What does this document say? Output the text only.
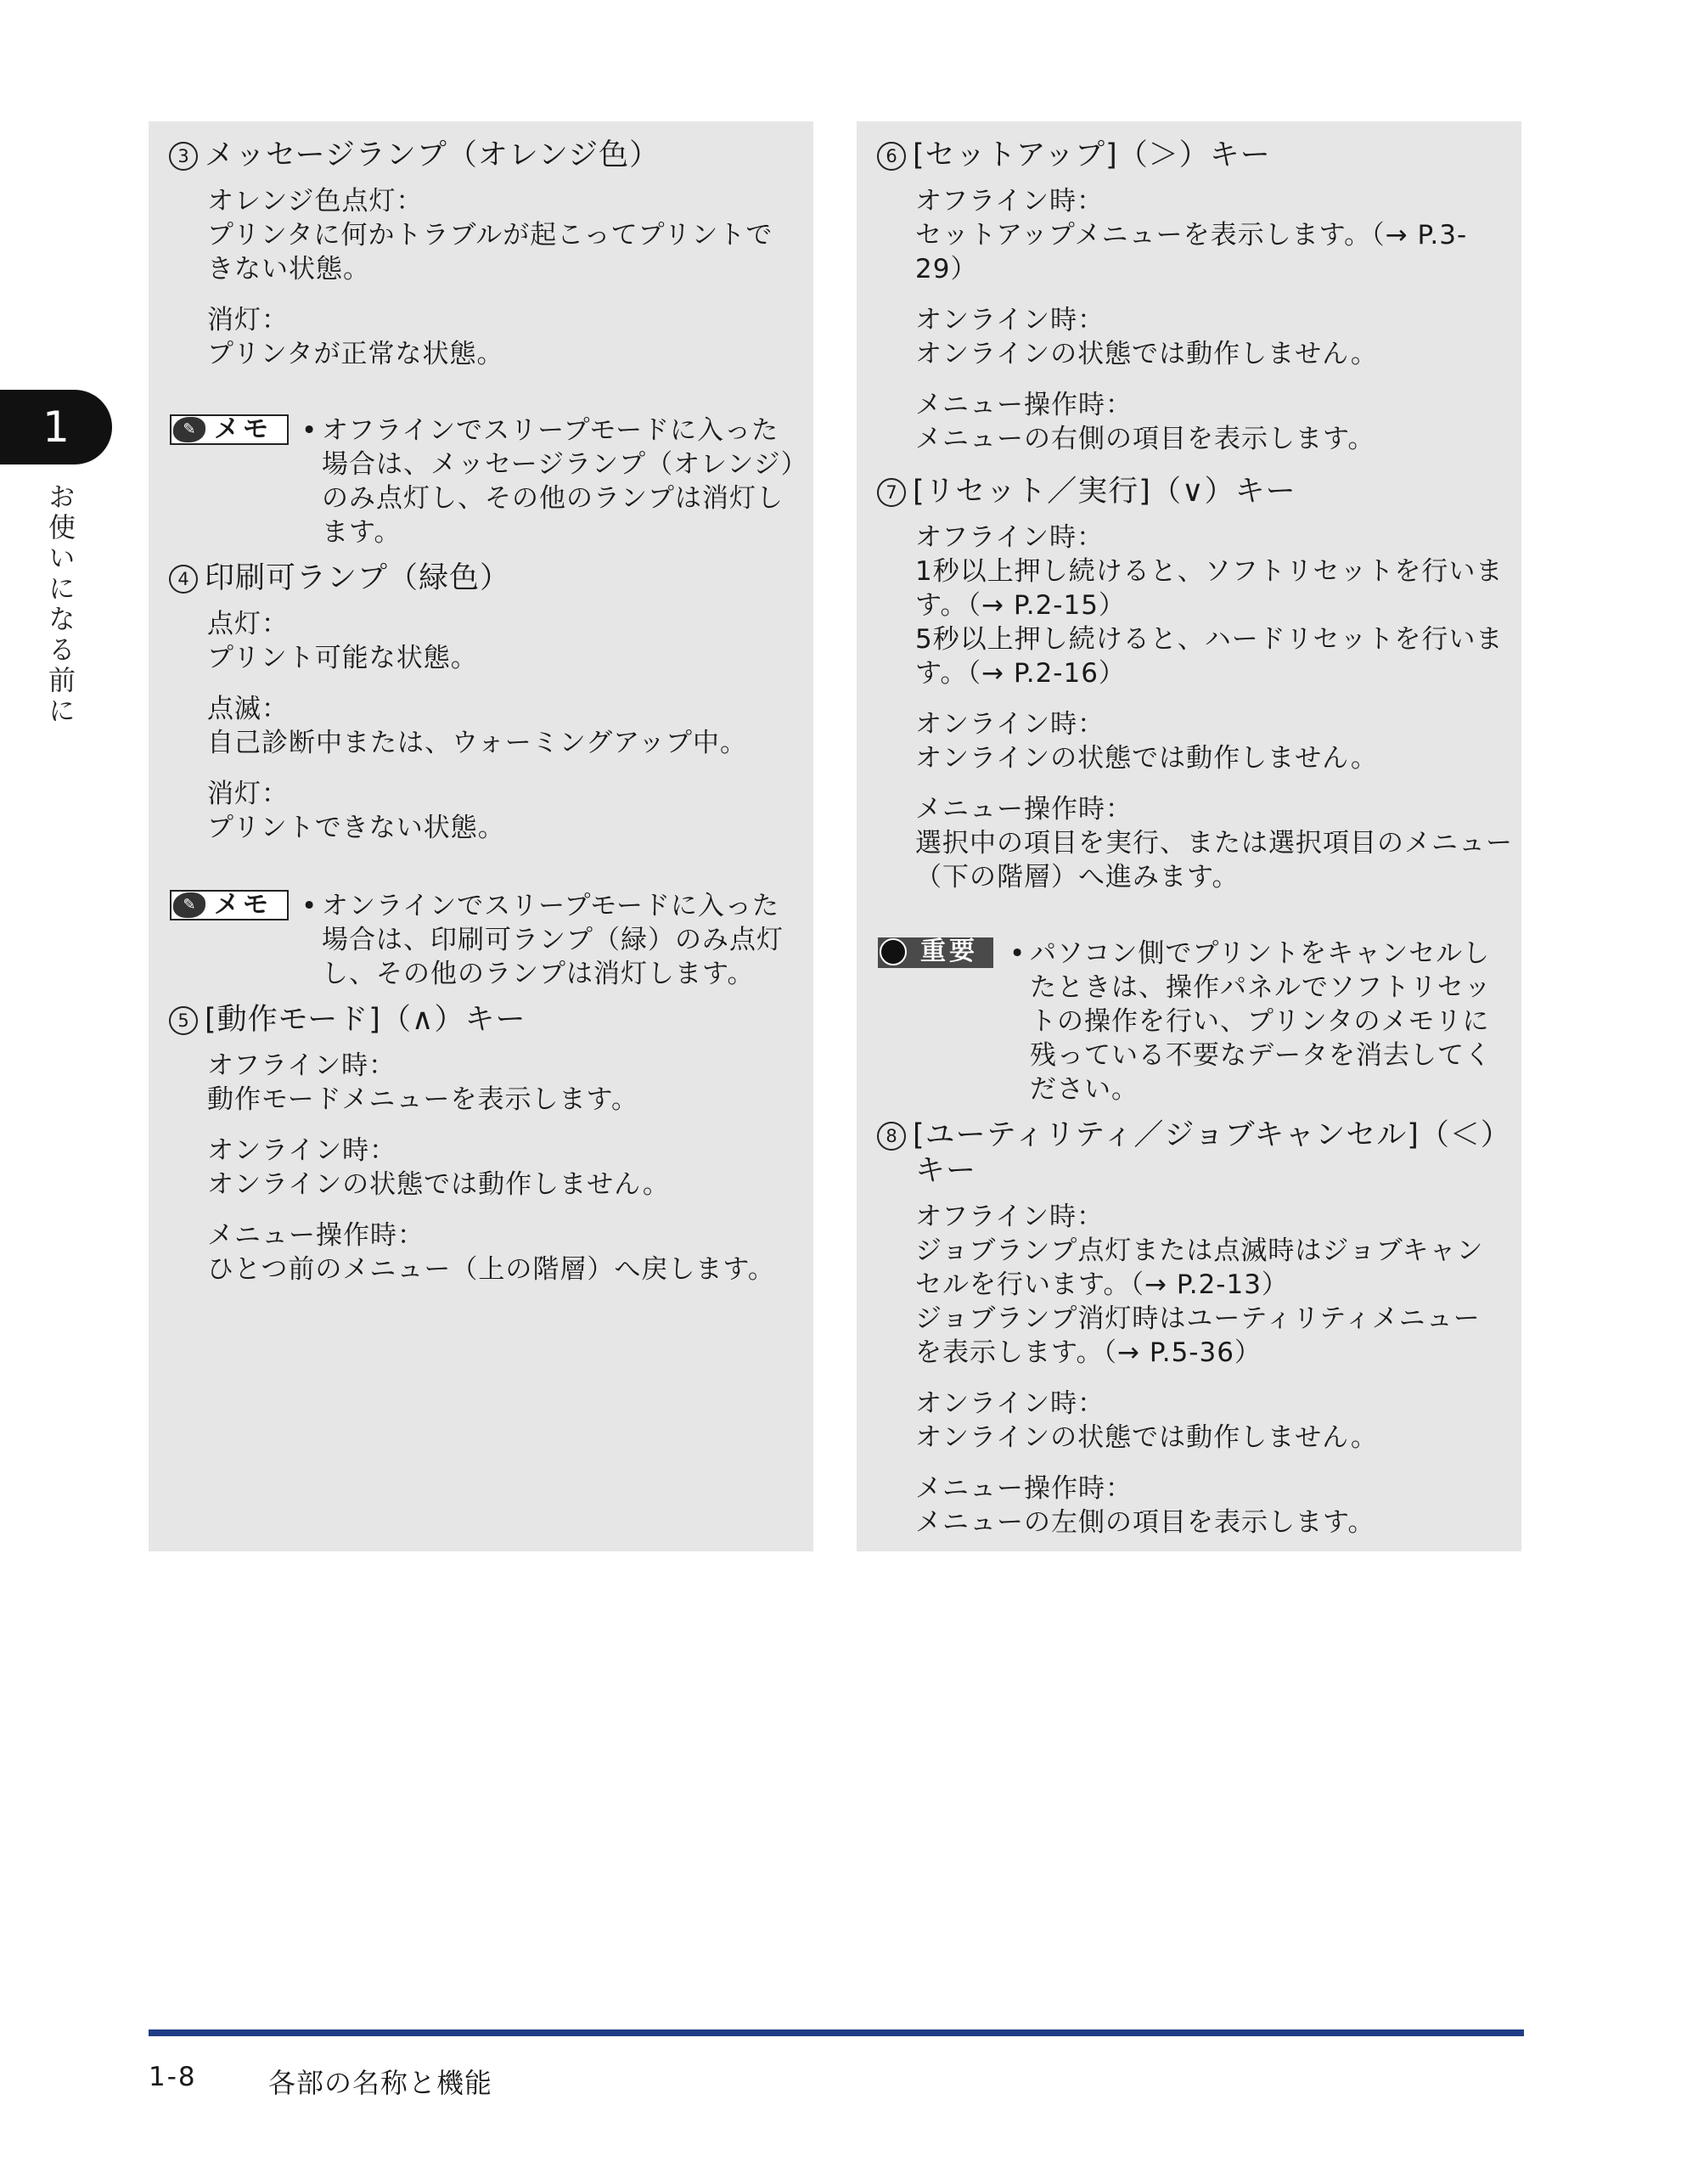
1
お使いになる前に
3 メッセージランプ（オレンジ色）
オレンジ色点灯：
プリンタに何かトラブルが起こってプリントで
きない状態。
消灯：
プリンタが正常な状態。
✎ メモ • オフラインでスリープモードに入った
場合は、メッセージランプ（オレンジ）
のみ点灯し、その他のランプは消灯し
ます。
4 印刷可ランプ（緑色）
点灯：
プリント可能な状態。
点滅：
自己診断中または、ウォーミングアップ中。
消灯：
プリントできない状態。
✎ メモ • オンラインでスリープモードに入った
場合は、印刷可ランプ（緑）のみ点灯
し、その他のランプは消灯します。
5 [動作モード]（∧）キー
オフライン時：
動作モードメニューを表示します。
オンライン時：
オンラインの状態では動作しません。
メニュー操作時：
ひとつ前のメニュー（上の階層）へ戻します。
6 [セットアップ]（＞）キー
オフライン時：
セットアップメニューを表示します。（→ P.3-
29）
オンライン時：
オンラインの状態では動作しません。
メニュー操作時：
メニューの右側の項目を表示します。
7 [リセット／実行]（∨）キー
オフライン時：
1秒以上押し続けると、ソフトリセットを行いま
す。（→ P.2-15）
5秒以上押し続けると、ハードリセットを行いま
す。（→ P.2-16）
オンライン時：
オンラインの状態では動作しません。
メニュー操作時：
選択中の項目を実行、または選択項目のメニュー
（下の階層）へ進みます。
重要 • パソコン側でプリントをキャンセルし
たときは、操作パネルでソフトリセッ
トの操作を行い、プリンタのメモリに
残っている不要なデータを消去してく
ださい。
8 [ユーティリティ／ジョブキャンセル]（＜）
キー
オフライン時：
ジョブランプ点灯または点滅時はジョブキャン
セルを行います。（→ P.2-13）
ジョブランプ消灯時はユーティリティメニュー
を表示します。（→ P.5-36）
オンライン時：
オンラインの状態では動作しません。
メニュー操作時：
メニューの左側の項目を表示します。
1-8	各部の名称と機能
